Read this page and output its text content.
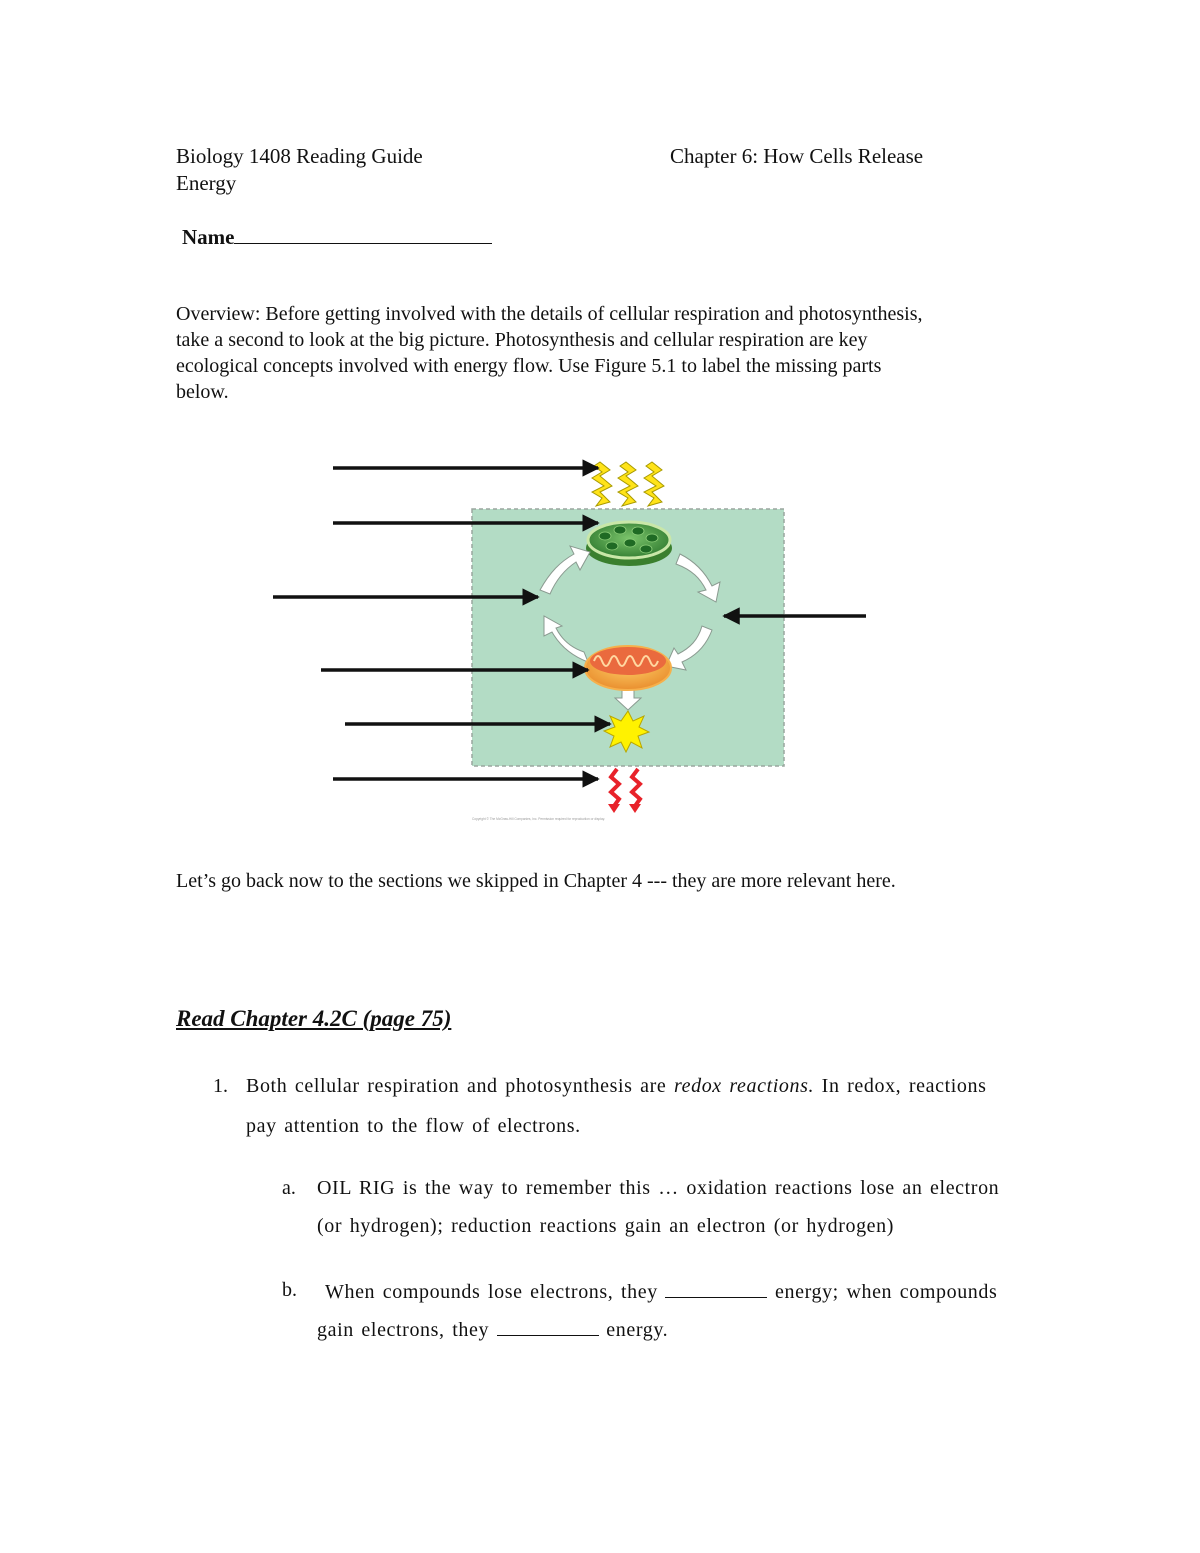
Biology 1408 Reading Guide	Chapter 6: How Cells Release
Energy
Name
Overview: Before getting involved with the details of cellular respiration and photosynthesis,
take a second to look at the big picture. Photosynthesis and cellular respiration are key
ecological concepts involved with energy flow. Use Figure 5.1 to label the missing parts
below.
Copyright © The McGraw-Hill Companies, Inc. Permission required for reproduction or display.
Let’s go back now to the sections we skipped in Chapter 4 --- they are more relevant here.
Read Chapter 4.2C (page 75)
1. Both cellular respiration and photosynthesis are redox reactions. In redox, reactions
pay attention to the flow of electrons.
a. OIL RIG is the way to remember this … oxidation reactions lose an electron
(or hydrogen); reduction reactions gain an electron (or hydrogen)
b. When compounds lose electrons, they	energy; when compounds
gain electrons, they	energy.
